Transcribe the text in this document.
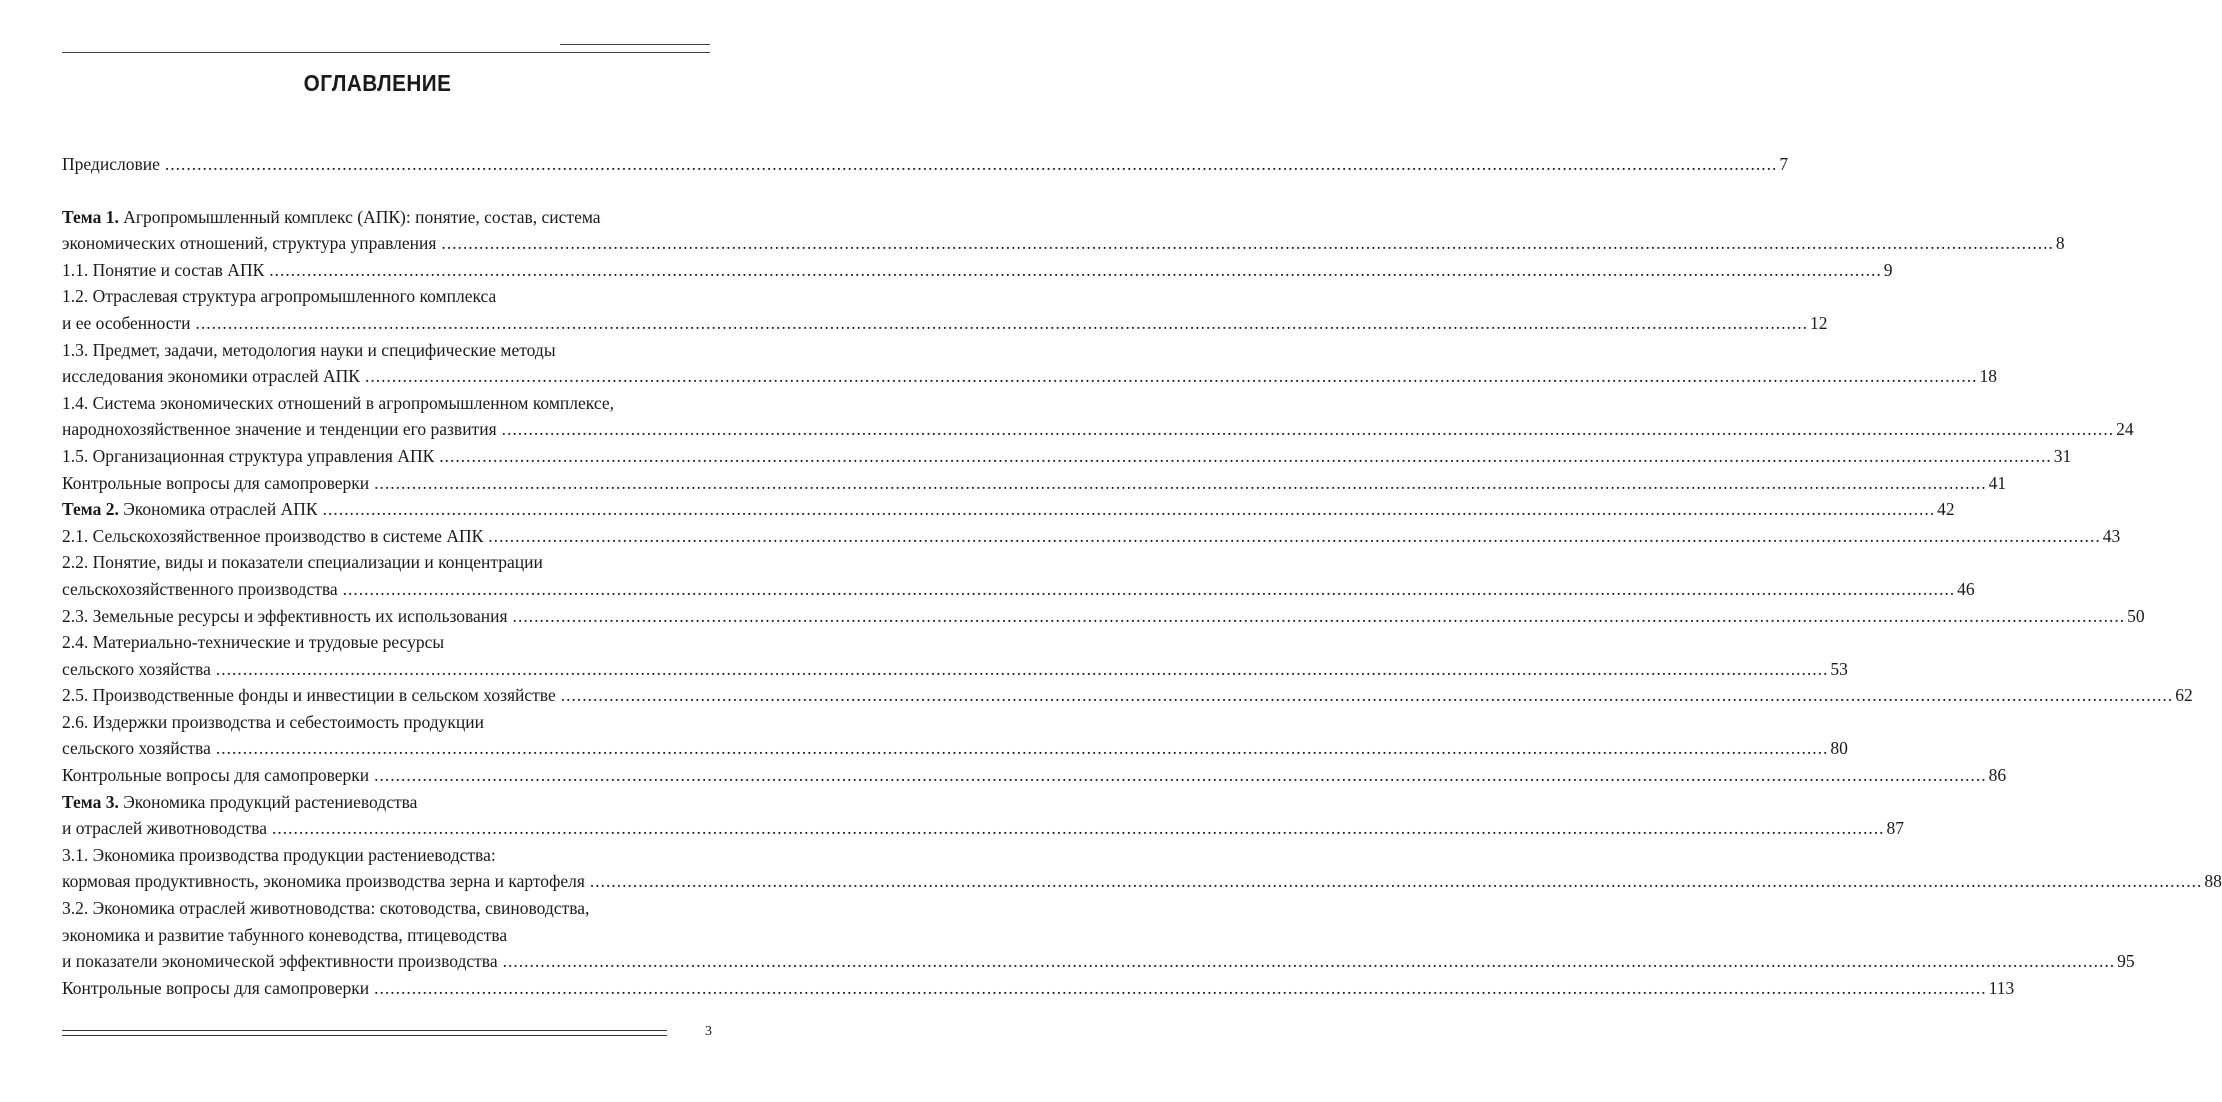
ОГЛАВЛЕНИЕ
Предисловие ............................................................................................................................................................................................................................................................................................................ 7
Тема 1. Агропромышленный комплекс (АПК): понятие, состав, система
экономических отношений, структура управления ............................................................................................................................................................................................................................................................................................................ 8
1.1. Понятие и состав АПК ............................................................................................................................................................................................................................................................................................................ 9
1.2. Отраслевая структура агропромышленного комплекса
и ее особенности ............................................................................................................................................................................................................................................................................................................ 12
1.3. Предмет, задачи, методология науки и специфические методы
исследования экономики отраслей АПК ............................................................................................................................................................................................................................................................................................................ 18
1.4. Система экономических отношений в агропромышленном комплексе,
народнохозяйственное значение и тенденции его развития ............................................................................................................................................................................................................................................................................................................ 24
1.5. Организационная структура управления АПК ............................................................................................................................................................................................................................................................................................................ 31
Контрольные вопросы для самопроверки ............................................................................................................................................................................................................................................................................................................ 41
Тема 2. Экономика отраслей АПК ............................................................................................................................................................................................................................................................................................................ 42
2.1. Сельскохозяйственное производство в системе АПК ............................................................................................................................................................................................................................................................................................................ 43
2.2. Понятие, виды и показатели специализации и концентрации
сельскохозяйственного производства ............................................................................................................................................................................................................................................................................................................ 46
2.3. Земельные ресурсы и эффективность их использования ............................................................................................................................................................................................................................................................................................................ 50
2.4. Материально-технические и трудовые ресурсы
сельского хозяйства ............................................................................................................................................................................................................................................................................................................ 53
2.5. Производственные фонды и инвестиции в сельском хозяйстве ............................................................................................................................................................................................................................................................................................................ 62
2.6. Издержки производства и себестоимость продукции
сельского хозяйства ............................................................................................................................................................................................................................................................................................................ 80
Контрольные вопросы для самопроверки ............................................................................................................................................................................................................................................................................................................ 86
Тема 3. Экономика продукций растениеводства
и отраслей животноводства ............................................................................................................................................................................................................................................................................................................ 87
3.1. Экономика производства продукции растениеводства:
кормовая продуктивность, экономика производства зерна и картофеля ............................................................................................................................................................................................................................................................................................................ 88
3.2. Экономика отраслей животноводства: скотоводства, свиноводства,
экономика и развитие табунного коневодства, птицеводства
и показатели экономической эффективности производства ............................................................................................................................................................................................................................................................................................................ 95
Контрольные вопросы для самопроверки ............................................................................................................................................................................................................................................................................................................ 113
3
